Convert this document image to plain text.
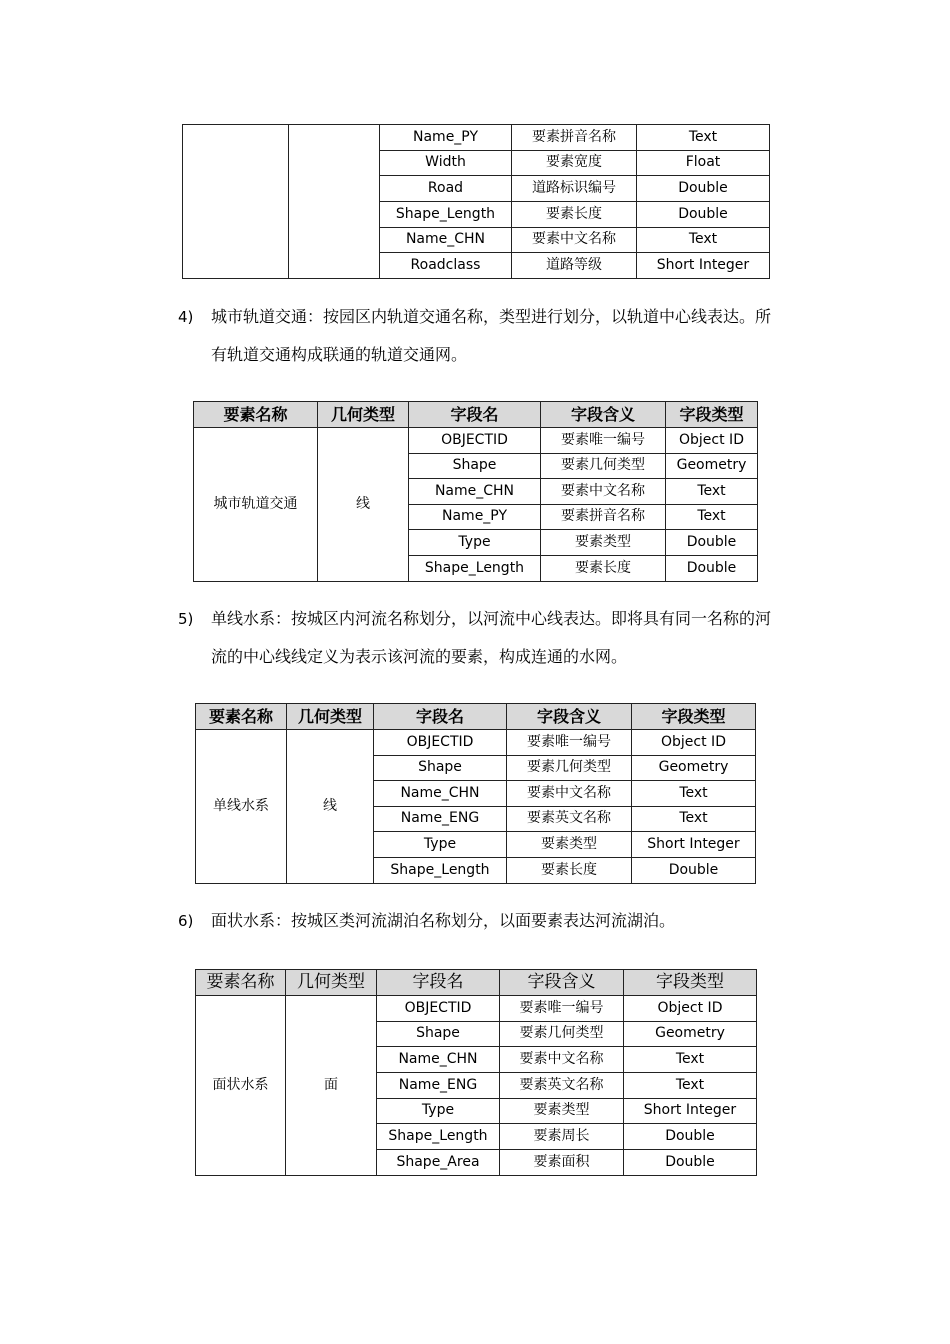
		Name_PY	要素拼音名称	Text
		Width	要素宽度	Float
		Road	道路标识编号	Double
		Shape_Length	要素长度	Double
		Name_CHN	要素中文名称	Text
		Roadclass	道路等级	Short Integer
4) 城市轨道交通：按园区内轨道交通名称，类型进行划分，以轨道中心线表达。所
有轨道交通构成联通的轨道交通网。
要素名称	几何类型	字段名	字段含义	字段类型
城市轨道交通	线	OBJECTID	要素唯一编号	Object ID
		Shape	要素几何类型	Geometry
		Name_CHN	要素中文名称	Text
		Name_PY	要素拼音名称	Text
		Type	要素类型	Double
		Shape_Length	要素长度	Double
5) 单线水系：按城区内河流名称划分，以河流中心线表达。即将具有同一名称的河
流的中心线线定义为表示该河流的要素，构成连通的水网。
要素名称	几何类型	字段名	字段含义	字段类型
单线水系	线	OBJECTID	要素唯一编号	Object ID
		Shape	要素几何类型	Geometry
		Name_CHN	要素中文名称	Text
		Name_ENG	要素英文名称	Text
		Type	要素类型	Short Integer
		Shape_Length	要素长度	Double
6) 面状水系：按城区类河流湖泊名称划分，以面要素表达河流湖泊。
要素名称	几何类型	字段名	字段含义	字段类型
面状水系	面	OBJECTID	要素唯一编号	Object ID
		Shape	要素几何类型	Geometry
		Name_CHN	要素中文名称	Text
		Name_ENG	要素英文名称	Text
		Type	要素类型	Short Integer
		Shape_Length	要素周长	Double
		Shape_Area	要素面积	Double
